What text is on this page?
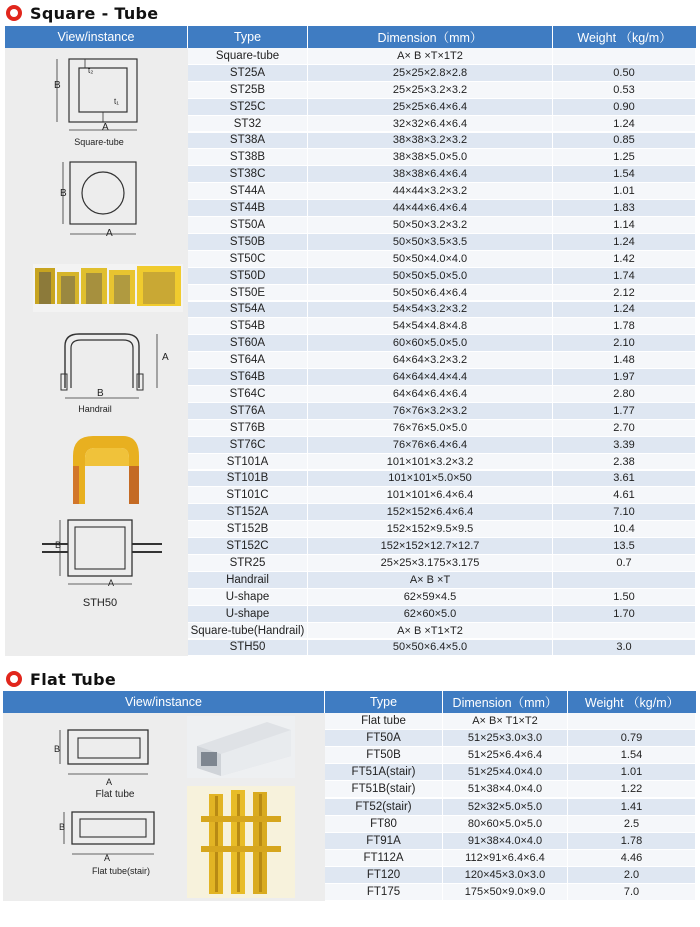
Square - Tube
View/instance	Type	Dimension（mm）	Weight （kg/m）
Square-tube	A× B ×T×1T2
ST25A	25×25×2.8×2.8	0.50
ST25B	25×25×3.2×3.2	0.53
ST25C	25×25×6.4×6.4	0.90
ST32	32×32×6.4×6.4	1.24
ST38A	38×38×3.2×3.2	0.85
ST38B	38×38×5.0×5.0	1.25
ST38C	38×38×6.4×6.4	1.54
ST44A	44×44×3.2×3.2	1.01
ST44B	44×44×6.4×6.4	1.83
ST50A	50×50×3.2×3.2	1.14
ST50B	50×50×3.5×3.5	1.24
ST50C	50×50×4.0×4.0	1.42
ST50D	50×50×5.0×5.0	1.74
ST50E	50×50×6.4×6.4	2.12
ST54A	54×54×3.2×3.2	1.24
ST54B	54×54×4.8×4.8	1.78
ST60A	60×60×5.0×5.0	2.10
ST64A	64×64×3.2×3.2	1.48
ST64B	64×64×4.4×4.4	1.97
ST64C	64×64×6.4×6.4	2.80
ST76A	76×76×3.2×3.2	1.77
ST76B	76×76×5.0×5.0	2.70
ST76C	76×76×6.4×6.4	3.39
ST101A	101×101×3.2×3.2	2.38
ST101B	101×101×5.0×50	3.61
ST101C	101×101×6.4×6.4	4.61
ST152A	152×152×6.4×6.4	7.10
ST152B	152×152×9.5×9.5	10.4
ST152C	152×152×12.7×12.7	13.5
STR25	25×25×3.175×3.175	0.7
Handrail	A× B ×T
U-shape	62×59×4.5	1.50
U-shape	62×60×5.0	1.70
Square-tube(Handrail)	A× B ×T1×T2
STH50	50×50×6.4×5.0	3.0
B
A
t₂
t₁
Square-tube
B
A
A
B
Handrail
B
A
STH50
Flat Tube
View/instance	Type	Dimension（mm）	Weight （kg/m）
Flat tube	A× B× T1×T2
FT50A	51×25×3.0×3.0	0.79
FT50B	51×25×6.4×6.4	1.54
FT51A(stair)	51×25×4.0×4.0	1.01
FT51B(stair)	51×38×4.0×4.0	1.22
FT52(stair)	52×32×5.0×5.0	1.41
FT80	80×60×5.0×5.0	2.5
FT91A	91×38×4.0×4.0	1.78
FT112A	112×91×6.4×6.4	4.46
FT120	120×45×3.0×3.0	2.0
FT175	175×50×9.0×9.0	7.0
B
A
Flat tube
B
A
Flat tube(stair)
